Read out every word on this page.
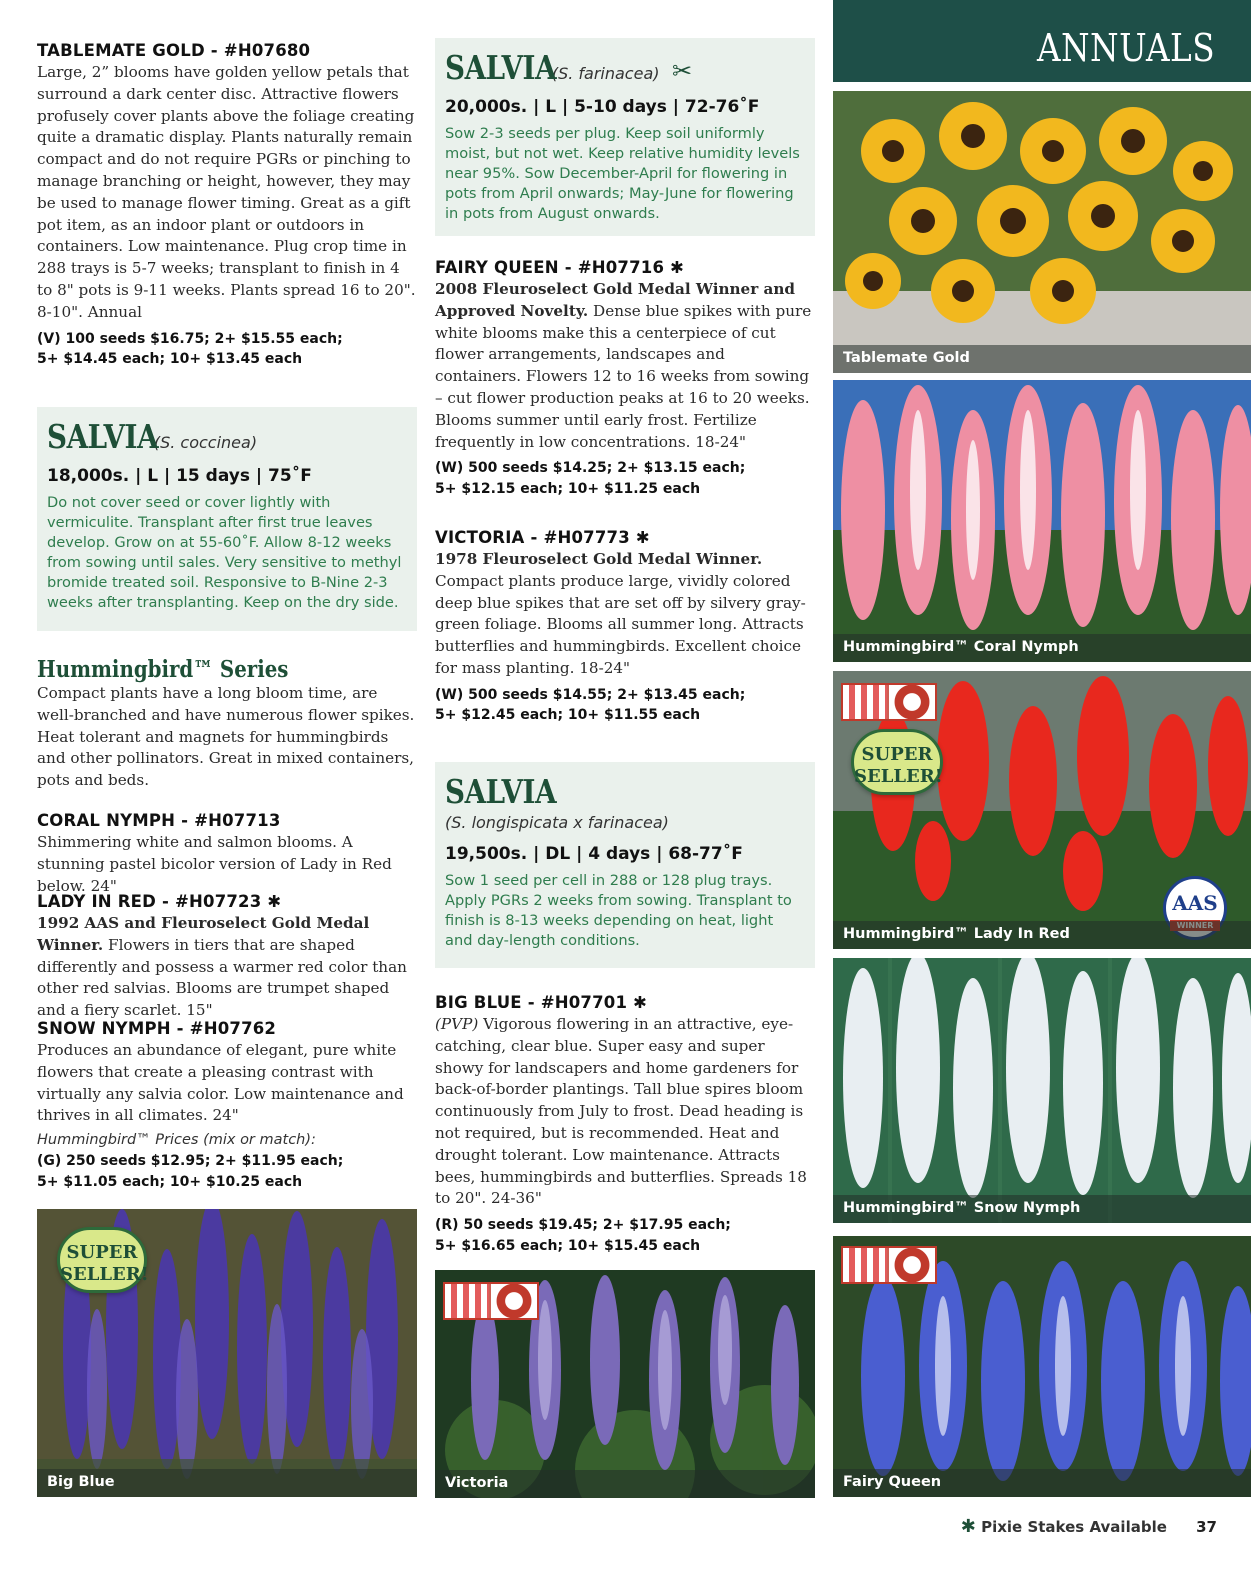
ANNUALS
TABLEMATE GOLD - #H07680
Large, 2” blooms have golden yellow petals that surround a dark center disc. Attractive flowers profusely cover plants above the foliage creating quite a dramatic display. Plants naturally remain compact and do not require PGRs or pinching to manage branching or height, however, they may be used to manage flower timing. Great as a gift pot item, as an indoor plant or outdoors in containers. Low maintenance. Plug crop time in 288 trays is 5-7 weeks; transplant to finish in 4 to 8" pots is 9-11 weeks. Plants spread 16 to 20". 8-10". Annual
(V) 100 seeds $16.75; 2+ $15.55 each;
5+ $14.45 each; 10+ $13.45 each
SALVIA (S. coccinea)
18,000s. | L | 15 days | 75˚F
Do not cover seed or cover lightly with vermiculite. Transplant after first true leaves develop. Grow on at 55-60˚F. Allow 8-12 weeks from sowing until sales. Very sensitive to methyl bromide treated soil. Responsive to B-Nine 2-3 weeks after transplanting. Keep on the dry side.
Hummingbird™ Series
Compact plants have a long bloom time, are well-branched and have numerous flower spikes. Heat tolerant and magnets for hummingbirds and other pollinators. Great in mixed containers, pots and beds.
CORAL NYMPH - #H07713
Shimmering white and salmon blooms. A stunning pastel bicolor version of Lady in Red below. 24"
LADY IN RED - #H07723 ✱
1992 AAS and Fleuroselect Gold Medal Winner. Flowers in tiers that are shaped differently and possess a warmer red color than other red salvias. Blooms are trumpet shaped and a fiery scarlet. 15"
SNOW NYMPH - #H07762
Produces an abundance of elegant, pure white flowers that create a pleasing contrast with virtually any salvia color. Low maintenance and thrives in all climates. 24"
Hummingbird™ Prices (mix or match):
(G) 250 seeds $12.95; 2+ $11.95 each;
5+ $11.05 each; 10+ $10.25 each
SUPER
SELLER!
Big Blue
SALVIA (S. farinacea) ✂
20,000s. | L | 5-10 days | 72-76˚F
Sow 2-3 seeds per plug. Keep soil uniformly moist, but not wet. Keep relative humidity levels near 95%. Sow December-April for flowering in pots from April onwards; May-June for flowering in pots from August onwards.
FAIRY QUEEN - #H07716 ✱
2008 Fleuroselect Gold Medal Winner and Approved Novelty. Dense blue spikes with pure white blooms make this a centerpiece of cut flower arrangements, landscapes and containers. Flowers 12 to 16 weeks from sowing – cut flower production peaks at 16 to 20 weeks. Blooms summer until early frost. Fertilize frequently in low concentrations. 18-24"
(W) 500 seeds $14.25; 2+ $13.15 each;
5+ $12.15 each; 10+ $11.25 each
VICTORIA - #H07773 ✱
1978 Fleuroselect Gold Medal Winner. Compact plants produce large, vividly colored deep blue spikes that are set off by silvery gray-green foliage. Blooms all summer long. Attracts butterflies and hummingbirds. Excellent choice for mass planting. 18-24"
(W) 500 seeds $14.55; 2+ $13.45 each;
5+ $12.45 each; 10+ $11.55 each
SALVIA
(S. longispicata x farinacea)
19,500s. | DL | 4 days | 68-77˚F
Sow 1 seed per cell in 288 or 128 plug trays. Apply PGRs 2 weeks from sowing. Transplant to finish is 8-13 weeks depending on heat, light and day-length conditions.
BIG BLUE - #H07701 ✱
(PVP) Vigorous flowering in an attractive, eye-catching, clear blue. Super easy and super showy for landscapers and home gardeners for back-of-border plantings. Tall blue spires bloom continuously from July to frost. Dead heading is not required, but is recommended. Heat and drought tolerant. Low maintenance. Attracts bees, hummingbirds and butterflies. Spreads 18 to 20". 24-36"
(R) 50 seeds $19.45; 2+ $17.95 each;
5+ $16.65 each; 10+ $15.45 each
Victoria
Tablemate Gold
Hummingbird™ Coral Nymph
SUPER
SELLER!
AAS
Hummingbird™ Lady In Red
Hummingbird™ Snow Nymph
Fairy Queen
✱ Pixie Stakes Available 37
